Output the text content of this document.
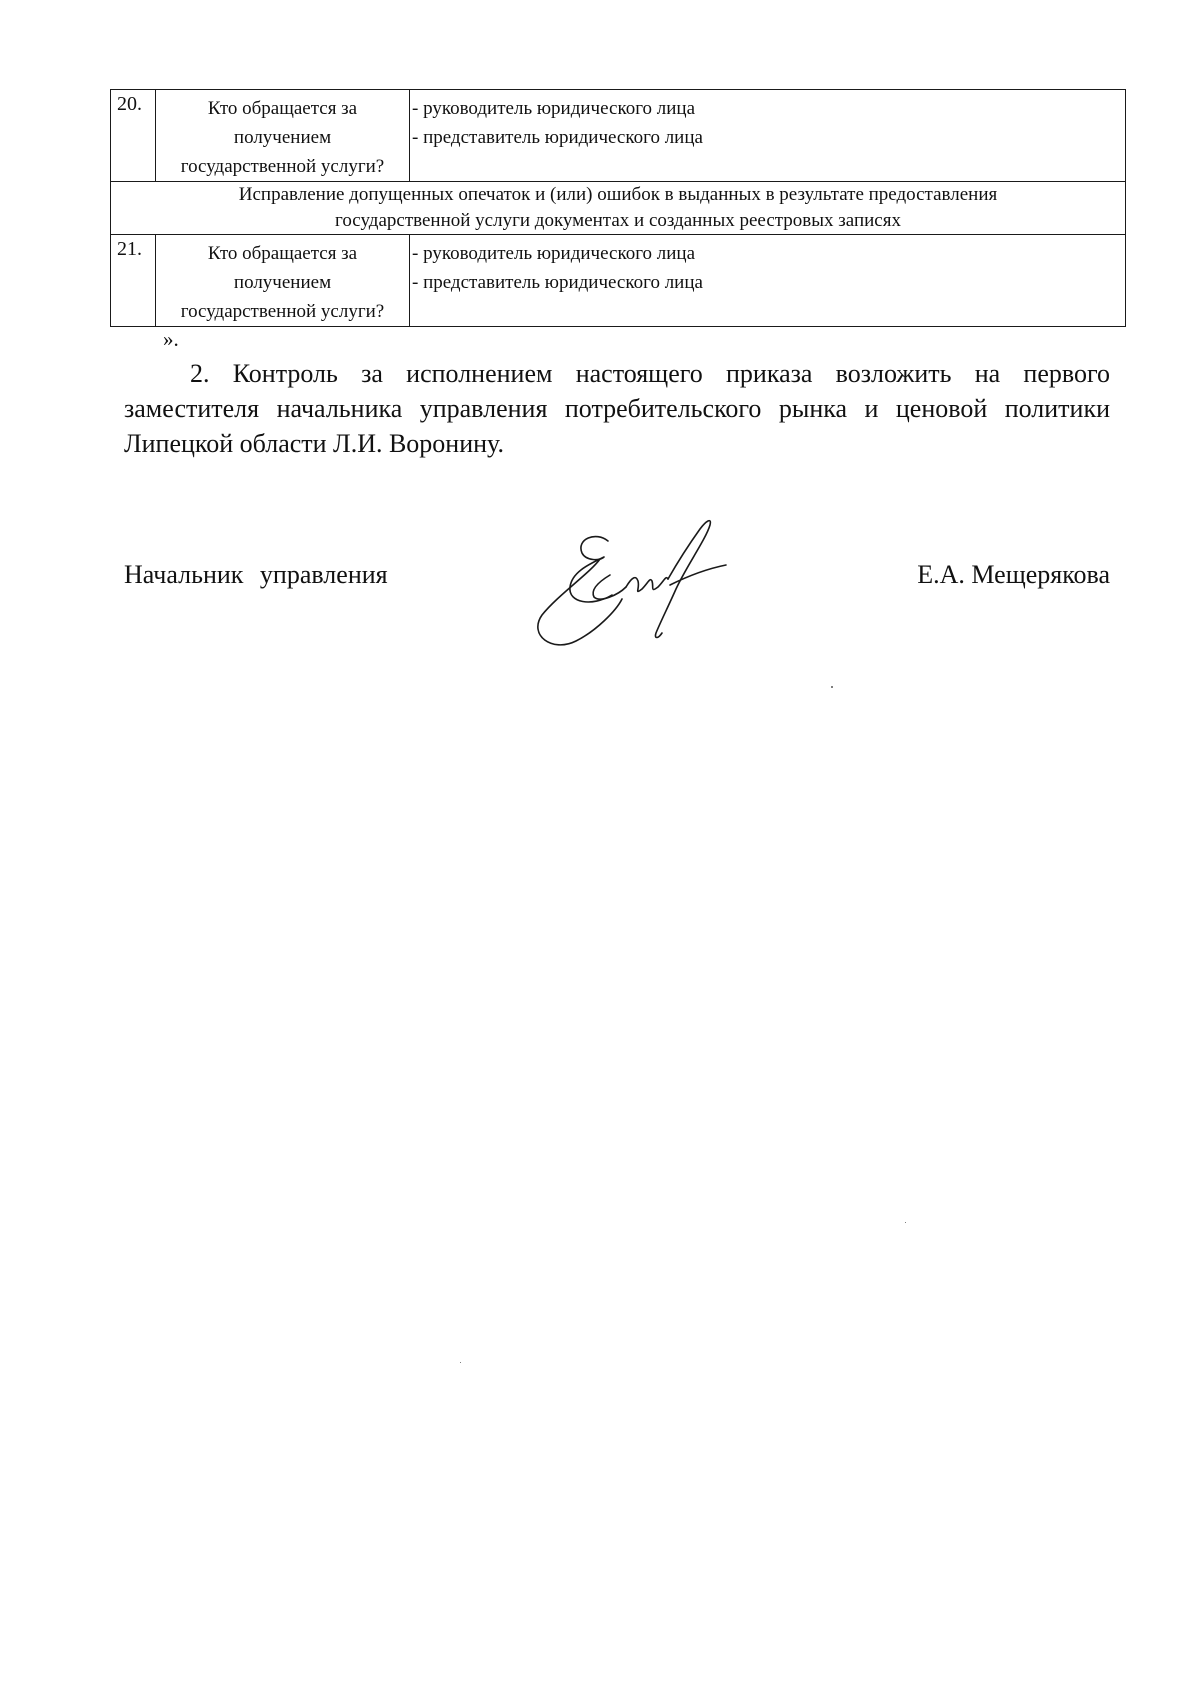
20.	Кто обращается за
получением
государственной услуги?	- руководитель юридического лица
- представитель юридического лица

Исправление допущенных опечаток и (или) ошибок в выданных в результате предоставления
государственной услуги документах и созданных реестровых записях		

21.	Кто обращается за
получением
государственной услуги?	- руководитель юридического лица
- представитель юридического лица
».

2. Контроль за исполнением настоящего приказа возложить на первого заместителя начальника управления потребительского рынка и ценовой политики Липецкой области Л.И. Воронину.

Начальник управления	Е.А. Мещерякова
